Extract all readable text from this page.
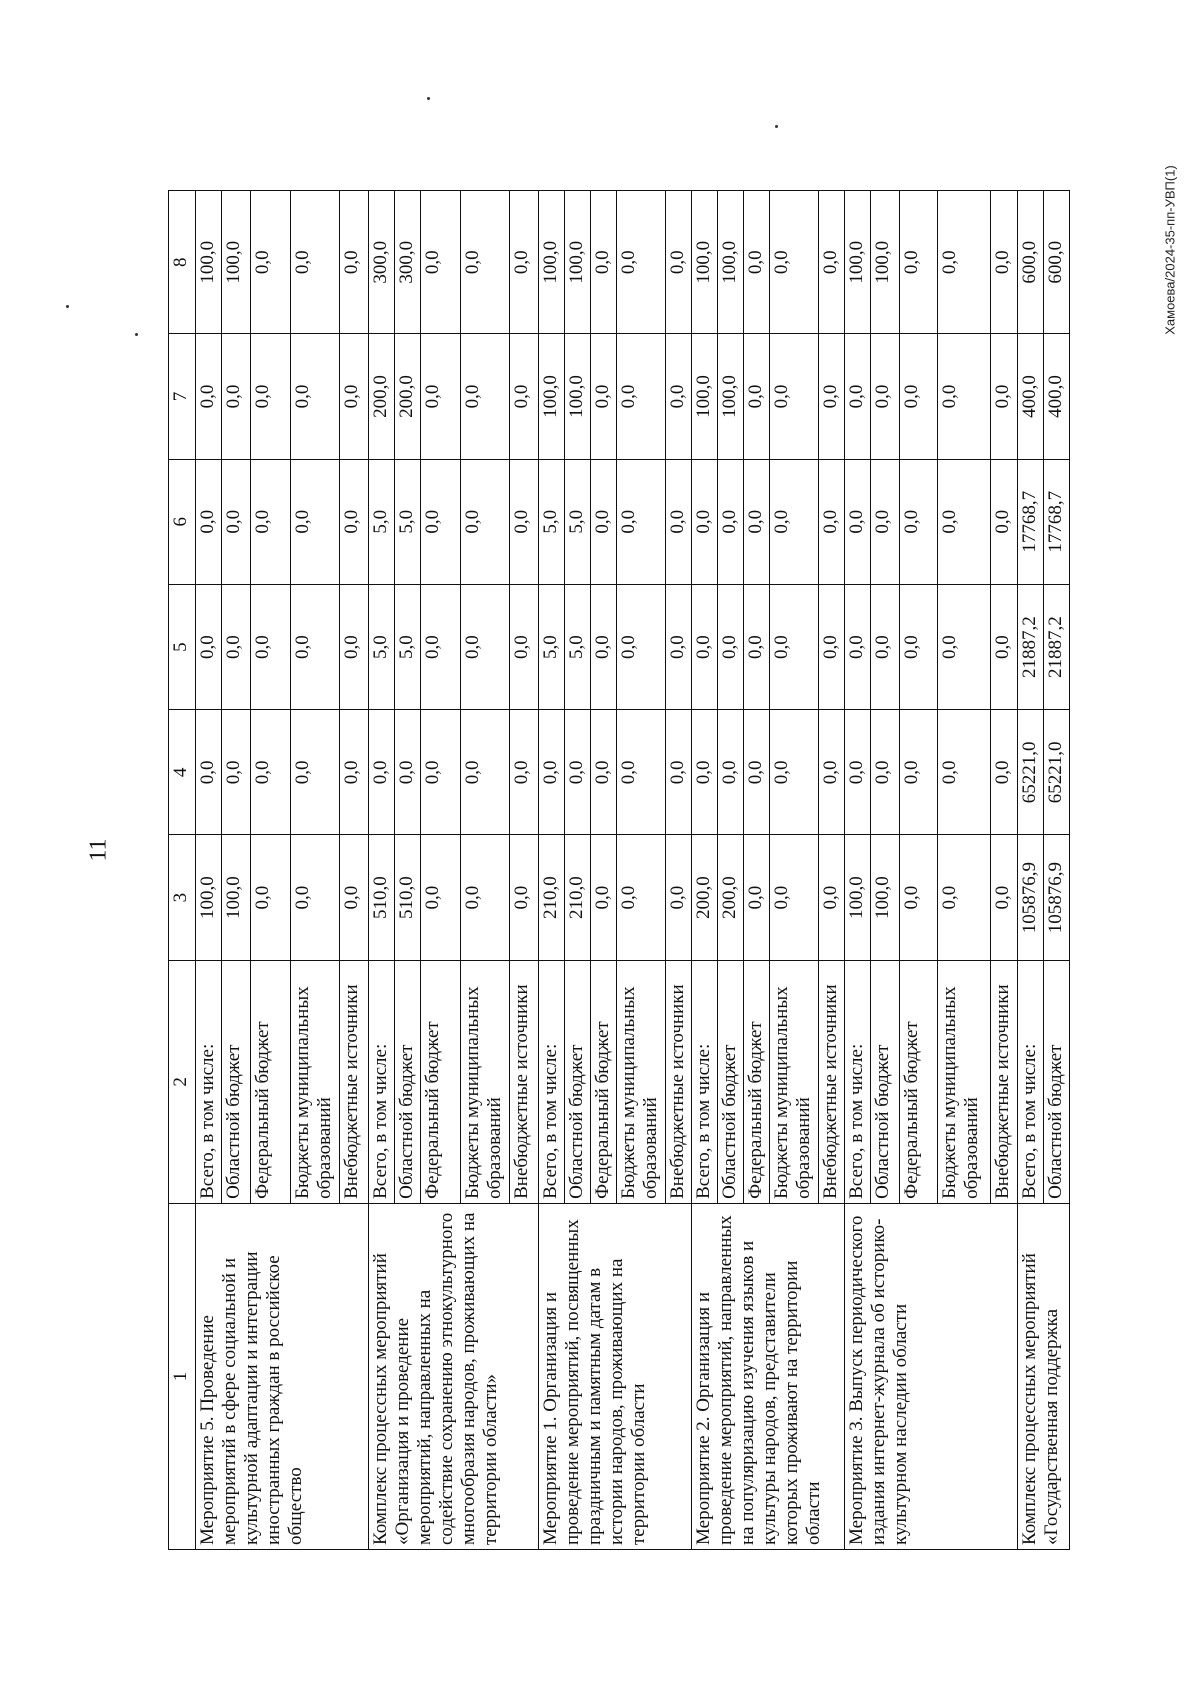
11
Хамоева/2024-35-пп-УВП(1)
1	2	3	4	5	6	7	8
Мероприятие 5. Проведение мероприятий в сфере социальной и культурной адаптации и интеграции иностранных граждан в российское общество	Всего, в том числе:	100,0	0,0	0,0	0,0	0,0	100,0
	Областной бюджет	100,0	0,0	0,0	0,0	0,0	100,0
	Федеральный бюджет	0,0	0,0	0,0	0,0	0,0	0,0
	Бюджеты муниципальных образований	0,0	0,0	0,0	0,0	0,0	0,0
	Внебюджетные источники	0,0	0,0	0,0	0,0	0,0	0,0
Комплекс процессных мероприятий «Организация и проведение мероприятий, направленных на содействие сохранению этнокультурного многообразия народов, проживающих на территории области»	Всего, в том числе:	510,0	0,0	5,0	5,0	200,0	300,0
	Областной бюджет	510,0	0,0	5,0	5,0	200,0	300,0
	Федеральный бюджет	0,0	0,0	0,0	0,0	0,0	0,0
	Бюджеты муниципальных образований	0,0	0,0	0,0	0,0	0,0	0,0
	Внебюджетные источники	0,0	0,0	0,0	0,0	0,0	0,0
Мероприятие 1. Организация и проведение мероприятий, посвященных праздничным и памятным датам в истории народов, проживающих на территории области	Всего, в том числе:	210,0	0,0	5,0	5,0	100,0	100,0
	Областной бюджет	210,0	0,0	5,0	5,0	100,0	100,0
	Федеральный бюджет	0,0	0,0	0,0	0,0	0,0	0,0
	Бюджеты муниципальных образований	0,0	0,0	0,0	0,0	0,0	0,0
	Внебюджетные источники	0,0	0,0	0,0	0,0	0,0	0,0
Мероприятие 2. Организация и проведение мероприятий, направленных на популяризацию изучения языков и культуры народов, представители которых проживают на территории области	Всего, в том числе:	200,0	0,0	0,0	0,0	100,0	100,0
	Областной бюджет	200,0	0,0	0,0	0,0	100,0	100,0
	Федеральный бюджет	0,0	0,0	0,0	0,0	0,0	0,0
	Бюджеты муниципальных образований	0,0	0,0	0,0	0,0	0,0	0,0
	Внебюджетные источники	0,0	0,0	0,0	0,0	0,0	0,0
Мероприятие 3. Выпуск периодического издания интернет-журнала об историко-культурном наследии области	Всего, в том числе:	100,0	0,0	0,0	0,0	0,0	100,0
	Областной бюджет	100,0	0,0	0,0	0,0	0,0	100,0
	Федеральный бюджет	0,0	0,0	0,0	0,0	0,0	0,0
	Бюджеты муниципальных образований	0,0	0,0	0,0	0,0	0,0	0,0
	Внебюджетные источники	0,0	0,0	0,0	0,0	0,0	0,0
Комплекс процессных мероприятий «Государственная поддержка	Всего, в том числе:	105876,9	65221,0	21887,2	17768,7	400,0	600,0
	Областной бюджет	105876,9	65221,0	21887,2	17768,7	400,0	600,0
